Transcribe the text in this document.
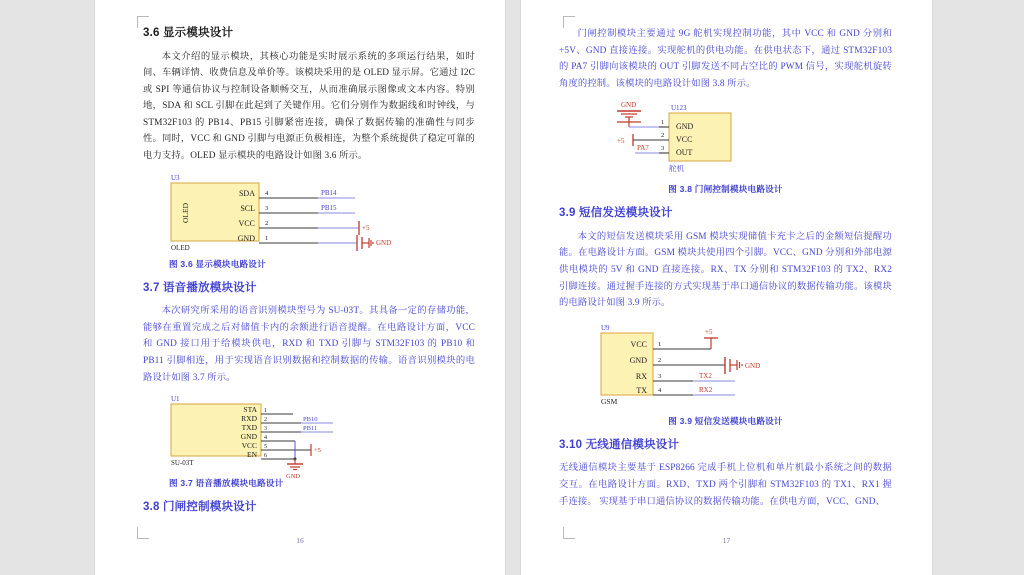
3.6 显示模块设计

本文介绍的显示模块，其核心功能是实时展示系统的多项运行结果，如时间、车辆详情、收费信息及单价等。该模块采用的是 OLED 显示屏。它通过 I2C 或 SPI 等通信协议与控制设备顺畅交互，从而准确展示图像或文本内容。特别地，SDA 和 SCL 引脚在此起到了关键作用。它们分别作为数据线和时钟线，与 STM32F103 的 PB14、PB15 引脚紧密连接，确保了数据传输的准确性与同步性。同时，VCC 和 GND 引脚与电源正负极相连，为整个系统提供了稳定可靠的电力支持。OLED 显示模块的电路设计如图 3.6 所示。

U3
OLED
OLED
SDA 4	PB14
SCL 3	PB15
VCC 2
+5
GND 1
GND
图 3.6 显示模块电路设计
3.7 语音播放模块设计

本次研究所采用的语音识别模块型号为 SU-03T。其具备一定的存储功能，能够在重置完成之后对储值卡内的余额进行语音提醒。在电路设计方面，VCC 和 GND 接口用于给模块供电，RXD 和 TXD 引脚与 STM32F103 的 PB10 和 PB11 引脚相连，用于实现语音识别数据和控制数据的传输。语音识别模块的电路设计如图 3.7 所示。

U1
SU-03T
STA 1
RXD 2	PB10
TXD 3	PB11
GND 4
VCC 5	+5
EN 6
GND
图 3.7 语音播放模块电路设计
3.8 门闸控制模块设计
16

门闸控制模块主要通过 9G 舵机实现控制功能，其中 VCC 和 GND 分别和+5V、GND 直接连接。实现舵机的供电功能。在供电状态下，通过 STM32F103 的 PA7 引脚向该模块的 OUT 引脚发送不同占空比的 PWM 信号，实现舵机旋转角度的控制。该模块的电路设计如图 3.8 所示。

GND	U123
舵机
GND
1
VCC
2
+5
OUT
3
PA7
图 3.8 门闸控制模块电路设计
3.9 短信发送模块设计

本文的短信发送模块采用 GSM 模块实现储值卡充卡之后的金额短信提醒功能。在电路设计方面。GSM 模块共使用四个引脚。VCC、GND 分别和外部电源供电模块的 5V 和 GND 直接连接。RX、TX 分别和 STM32F103 的 TX2、RX2 引脚连接。通过握手连接的方式实现基于串口通信协议的数据传输功能。该模块的电路设计如图 3.9 所示。

U9
GSM
VCC 1
+5
GND 2
GND
RX 3	TX2
TX 4	RX2
图 3.9 短信发送模块电路设计
3.10 无线通信模块设计

无线通信模块主要基于 ESP8266 完成手机上位机和单片机最小系统之间的数据交互。在电路设计方面。RXD、TXD 两个引脚和 STM32F103 的 TX1、RX1 握手连接。 实现基于串口通信协议的数据传输功能。在供电方面，VCC、GND、

17
